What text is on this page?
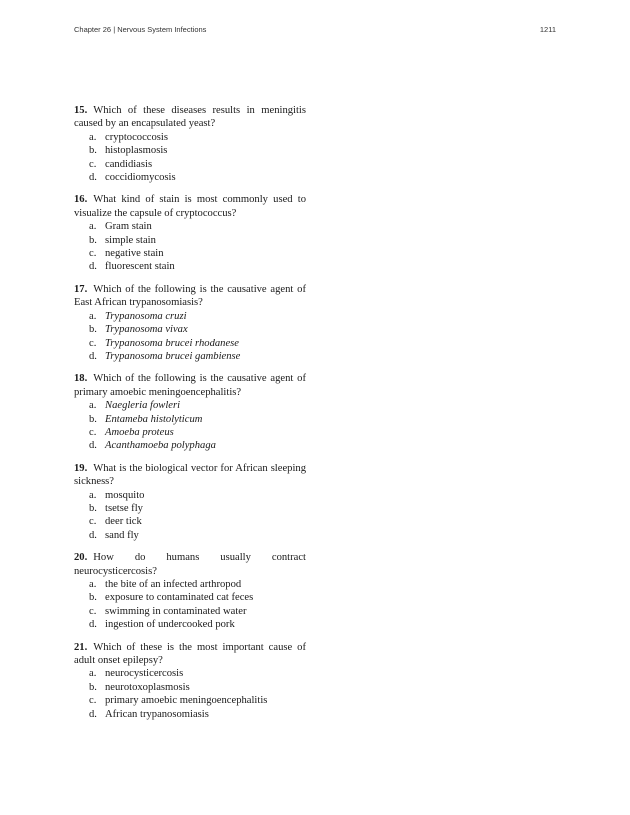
Chapter 26 | Nervous System Infections	1211
15. Which of these diseases results in meningitis caused by an encapsulated yeast?
a. cryptococcosis
b. histoplasmosis
c. candidiasis
d. coccidiomycosis
16. What kind of stain is most commonly used to visualize the capsule of cryptococcus?
a. Gram stain
b. simple stain
c. negative stain
d. fluorescent stain
17. Which of the following is the causative agent of East African trypanosomiasis?
a. Trypanosoma cruzi
b. Trypanosoma vivax
c. Trypanosoma brucei rhodanese
d. Trypanosoma brucei gambiense
18. Which of the following is the causative agent of primary amoebic meningoencephalitis?
a. Naegleria fowleri
b. Entameba histolyticum
c. Amoeba proteus
d. Acanthamoeba polyphaga
19. What is the biological vector for African sleeping sickness?
a. mosquito
b. tsetse fly
c. deer tick
d. sand fly
20. How do humans usually contract neurocysticercosis?
a. the bite of an infected arthropod
b. exposure to contaminated cat feces
c. swimming in contaminated water
d. ingestion of undercooked pork
21. Which of these is the most important cause of adult onset epilepsy?
a. neurocysticercosis
b. neurotoxoplasmosis
c. primary amoebic meningoencephalitis
d. African trypanosomiasis
